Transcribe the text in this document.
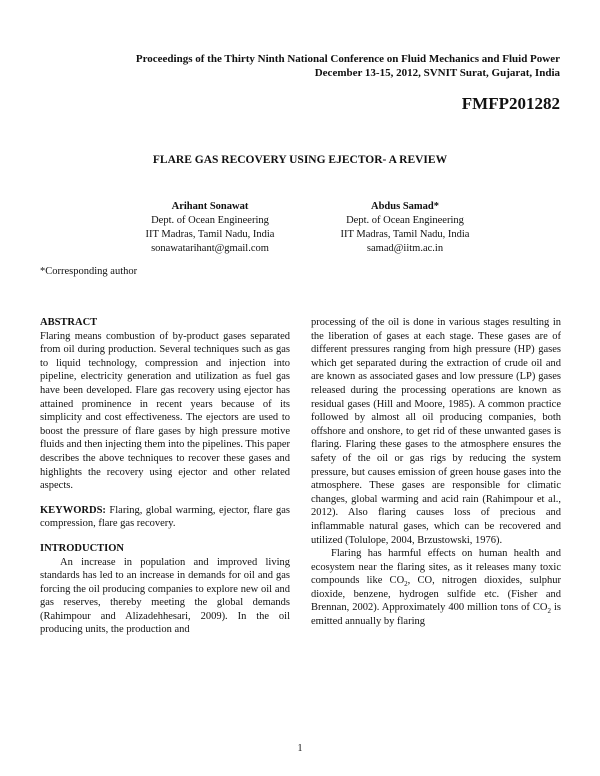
Proceedings of the Thirty Ninth National Conference on Fluid Mechanics and Fluid Power
December 13-15, 2012, SVNIT Surat, Gujarat, India
FMFP201282
FLARE GAS RECOVERY USING EJECTOR- A REVIEW
Arihant Sonawat
Dept. of Ocean Engineering
IIT Madras, Tamil Nadu, India
sonawatarihant@gmail.com
Abdus Samad*
Dept. of Ocean Engineering
IIT Madras, Tamil Nadu, India
samad@iitm.ac.in
*Corresponding author

ABSTRACT

Flaring means combustion of by-product gases separated from oil during production. Several techniques such as gas to liquid technology, compression and injection into pipeline, electricity generation and utilization as fuel gas have been developed. Flare gas recovery using ejector has attained prominence in recent years because of its simplicity and cost effectiveness. The ejectors are used to boost the pressure of flare gases by high pressure motive fluids and then injecting them into the pipelines. This paper describes the above techniques to recover these gases and highlights the recovery using ejector and other related aspects.

KEYWORDS: Flaring, global warming, ejector, flare gas compression, flare gas recovery.

INTRODUCTION

An increase in population and improved living standards has led to an increase in demands for oil and gas forcing the oil producing companies to explore new oil and gas reserves, thereby meeting the global demands (Rahimpour and Alizadehhesari, 2009). In the oil producing units, the production and

processing of the oil is done in various stages resulting in the liberation of gases at each stage. These gases are of different pressures ranging from high pressure (HP) gases which get separated during the extraction of crude oil and are known as associated gases and low pressure (LP) gases released during the processing operations are known as residual gases (Hill and Moore, 1985). A common practice followed by almost all oil producing companies, both offshore and onshore, to get rid of these unwanted gases is flaring. Flaring these gases to the atmosphere ensures the safety of the oil or gas rigs by reducing the system pressure, but causes emission of green house gases into the atmosphere. These gases are responsible for climatic changes, global warming and acid rain (Rahimpour et al., 2012). Also flaring causes loss of precious and inflammable natural gases, which can be recovered and utilized (Tolulope, 2004, Brzustowski, 1976).

Flaring has harmful effects on human health and ecosystem near the flaring sites, as it releases many toxic compounds like $CO_2$, CO, nitrogen dioxides, sulphur dioxide, benzene, hydrogen sulfide etc. (Fisher and Brennan, 2002). Approximately 400 million tons of $CO_2$ is emitted annually by flaring

1
